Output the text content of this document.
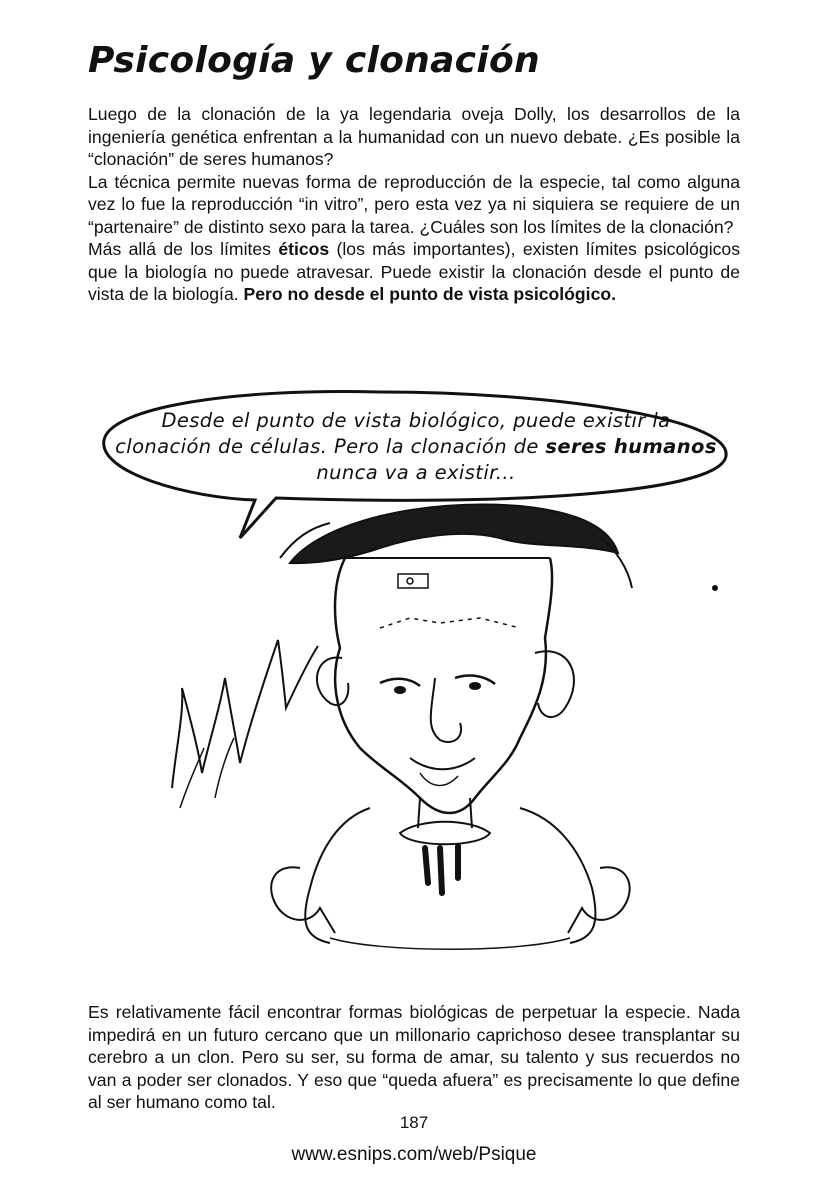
Psicología y clonación

Luego de la clonación de la ya legendaria oveja Dolly, los desarrollos de la ingeniería genética enfrentan a la humanidad con un nuevo debate. ¿Es posible la “clonación” de seres humanos?
La técnica permite nuevas forma de reproducción de la especie, tal como alguna vez lo fue la reproducción “in vitro”, pero esta vez ya ni siquiera se requiere de un “partenaire” de distinto sexo para la tarea. ¿Cuáles son los límites de la clonación?
Más allá de los límites éticos (los más importantes), existen límites psicológicos que la biología no puede atravesar. Puede existir la clonación desde el punto de vista de la biología. Pero no desde el punto de vista psicológico.

Desde el punto de vista biológico, puede existir la clonación de células. Pero la clonación de seres humanos nunca va a existir...

Es relativamente fácil encontrar formas biológicas de perpetuar la especie. Nada impedirá en un futuro cercano que un millonario caprichoso desee transplantar su cerebro a un clon. Pero su ser, su forma de amar, su talento y sus recuerdos no van a poder ser clonados. Y eso que “queda afuera” es precisamente lo que define al ser humano como tal.

187
www.esnips.com/web/Psique
